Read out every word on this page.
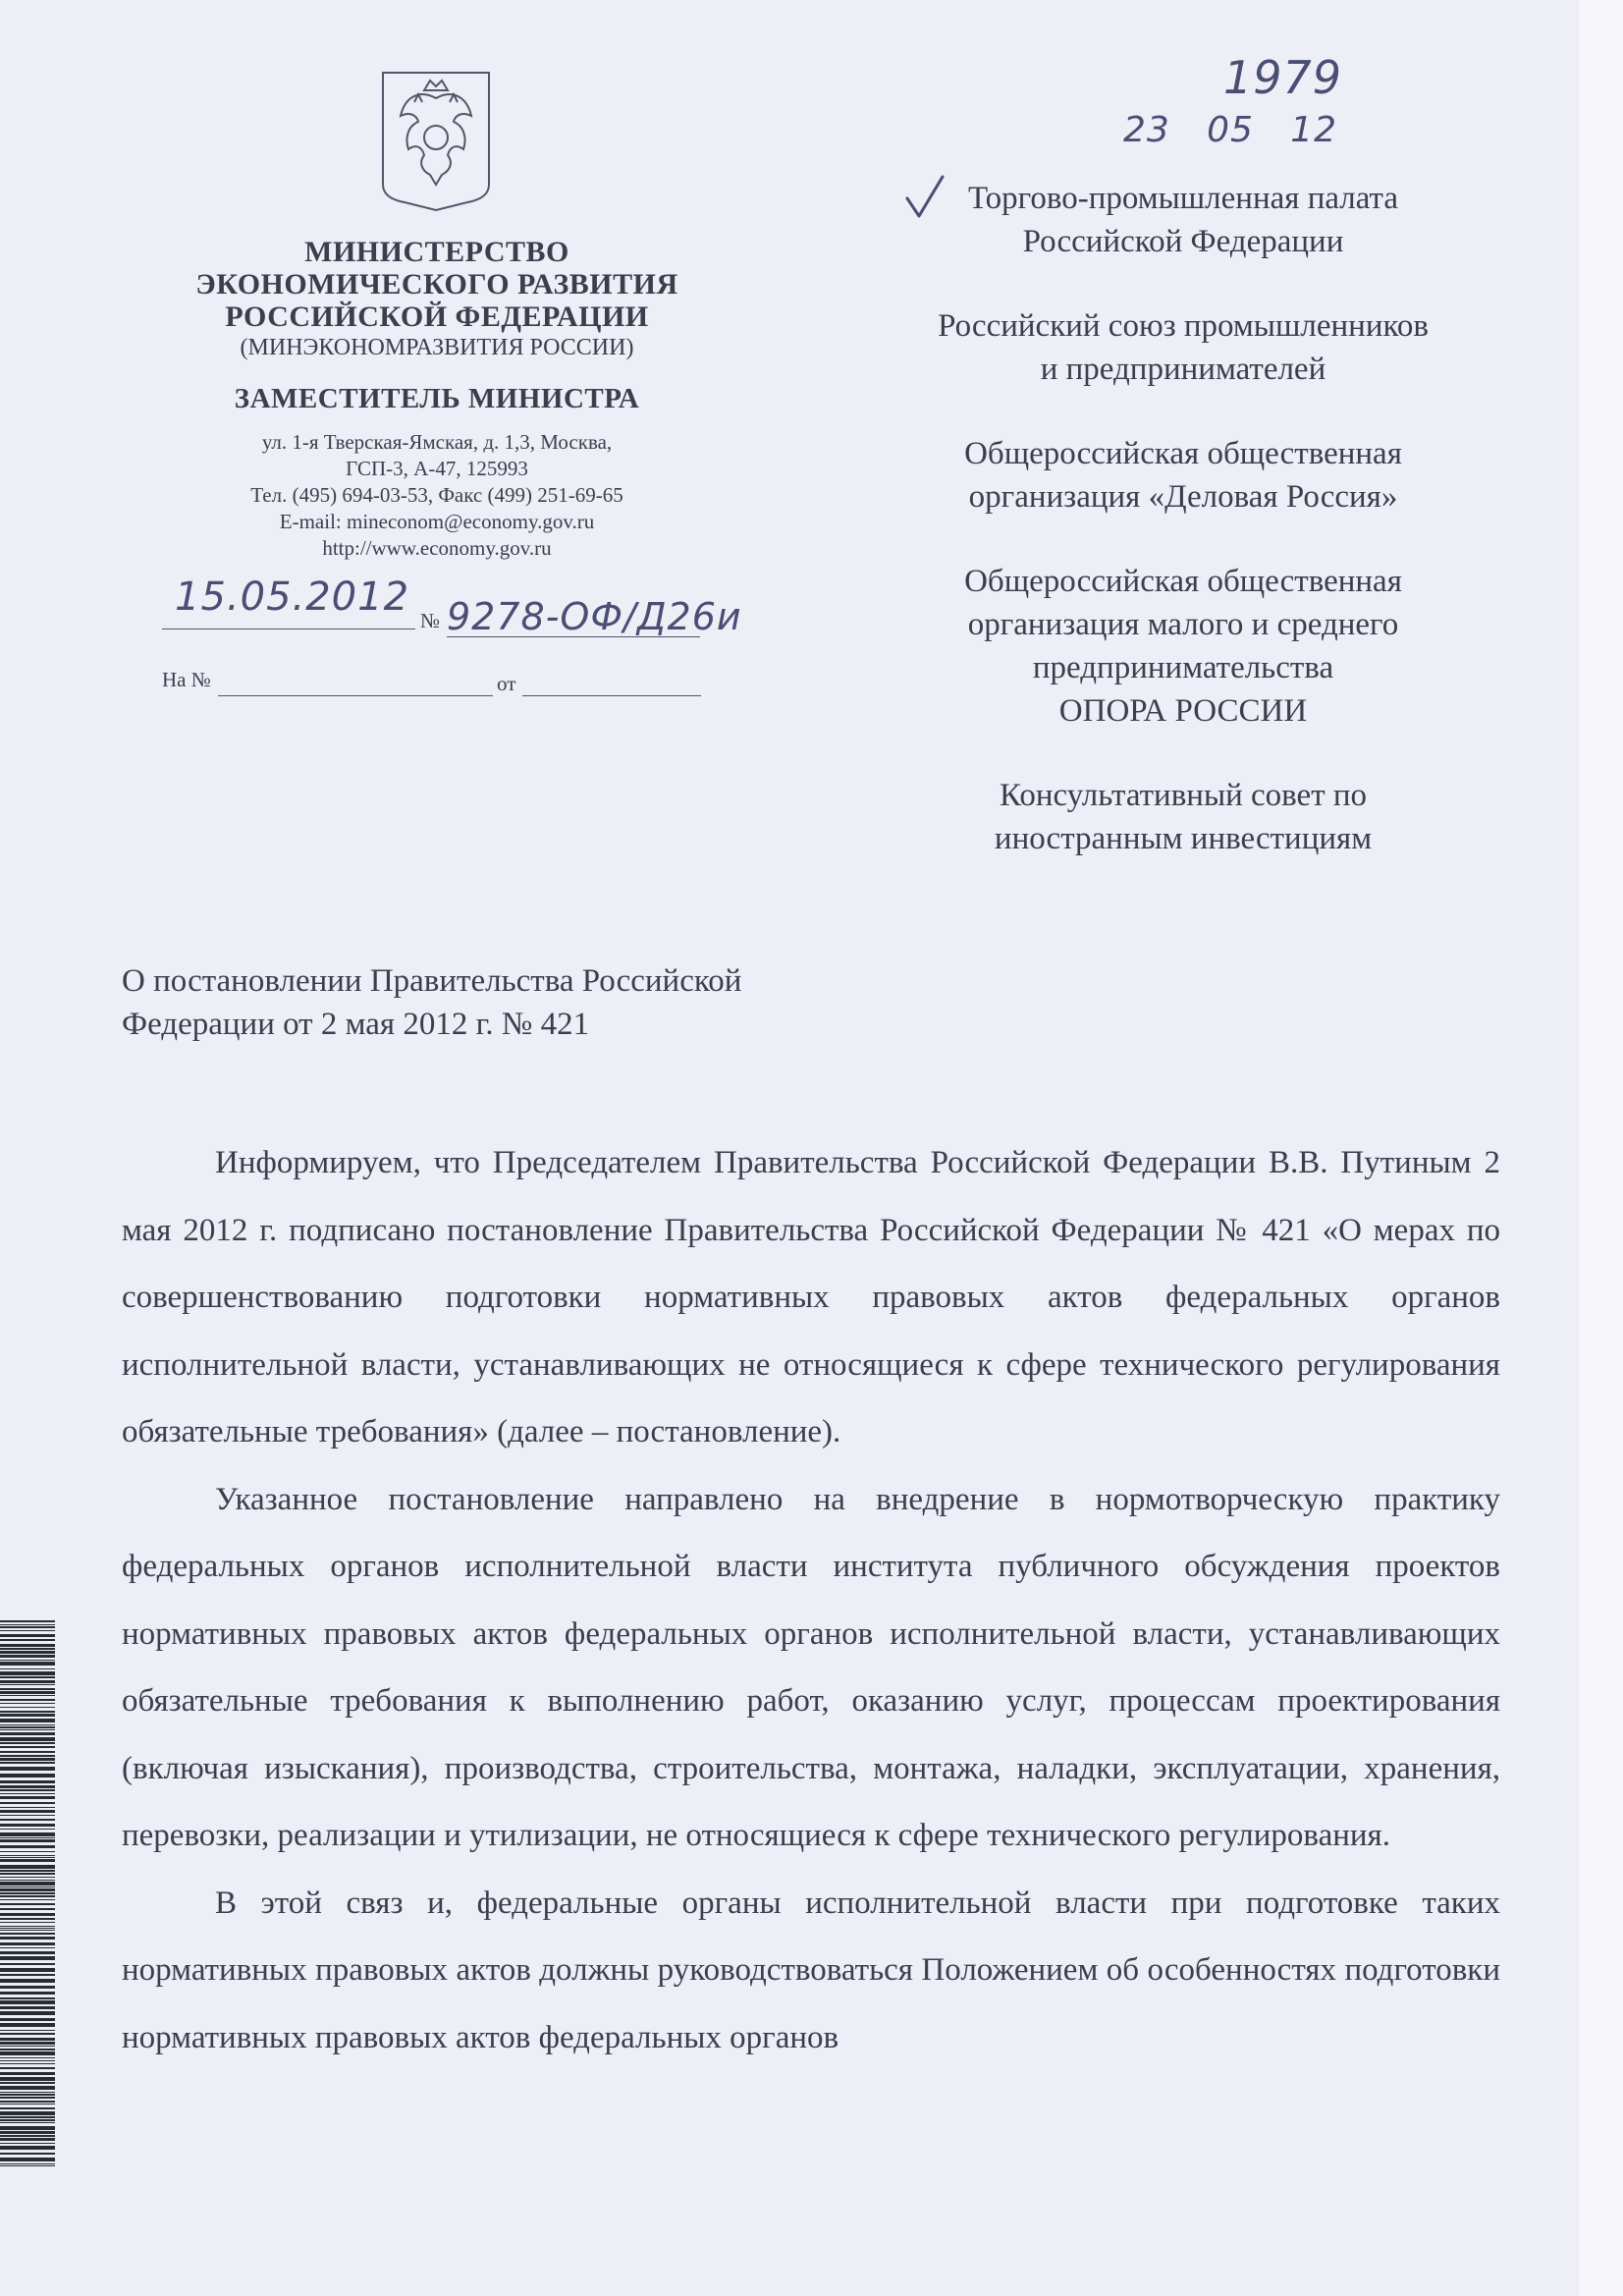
МИНИСТЕРСТВО
ЭКОНОМИЧЕСКОГО РАЗВИТИЯ
РОССИЙСКОЙ ФЕДЕРАЦИИ
(МИНЭКОНОМРАЗВИТИЯ РОССИИ)
ЗАМЕСТИТЕЛЬ МИНИСТРА
ул. 1-я Тверская-Ямская, д. 1,3, Москва,
ГСП-3, А-47, 125993
Тел. (495) 694-03-53, Факс (499) 251-69-65
E-mail: mineconom@economy.gov.ru
http://www.economy.gov.ru
15.05.2012
№ 9278-ОФ/Д26и
На №	от
1979
23   05   12
Торгово-промышленная палата
Российской Федерации
Российский союз промышленников
и предпринимателей
Общероссийская общественная
организация «Деловая Россия»
Общероссийская общественная
организация малого и среднего
предпринимательства
ОПОРА РОССИИ
Консультативный совет по
иностранным инвестициям
О постановлении Правительства Российской
Федерации от 2 мая 2012 г. № 421

Информируем, что Председателем Правительства Российской Федерации В.В. Путиным 2 мая 2012 г. подписано постановление Правительства Российской Федерации № 421 «О мерах по совершенствованию подготовки нормативных правовых актов федеральных органов исполнительной власти, устанавливающих не относящиеся к сфере технического регулирования обязательные требования» (далее – постановление).

Указанное постановление направлено на внедрение в нормотворческую практику федеральных органов исполнительной власти института публичного обсуждения проектов нормативных правовых актов федеральных органов исполнительной власти, устанавливающих обязательные требования к выполнению работ, оказанию услуг, процессам проектирования (включая изыскания), производства, строительства, монтажа, наладки, эксплуатации, хранения, перевозки, реализации и утилизации, не относящиеся к сфере технического регулирования.

В этой связ и, федеральные органы исполнительной власти при подготовке таких нормативных правовых актов должны руководствоваться Положением об особенностях подготовки нормативных правовых актов федеральных органов
